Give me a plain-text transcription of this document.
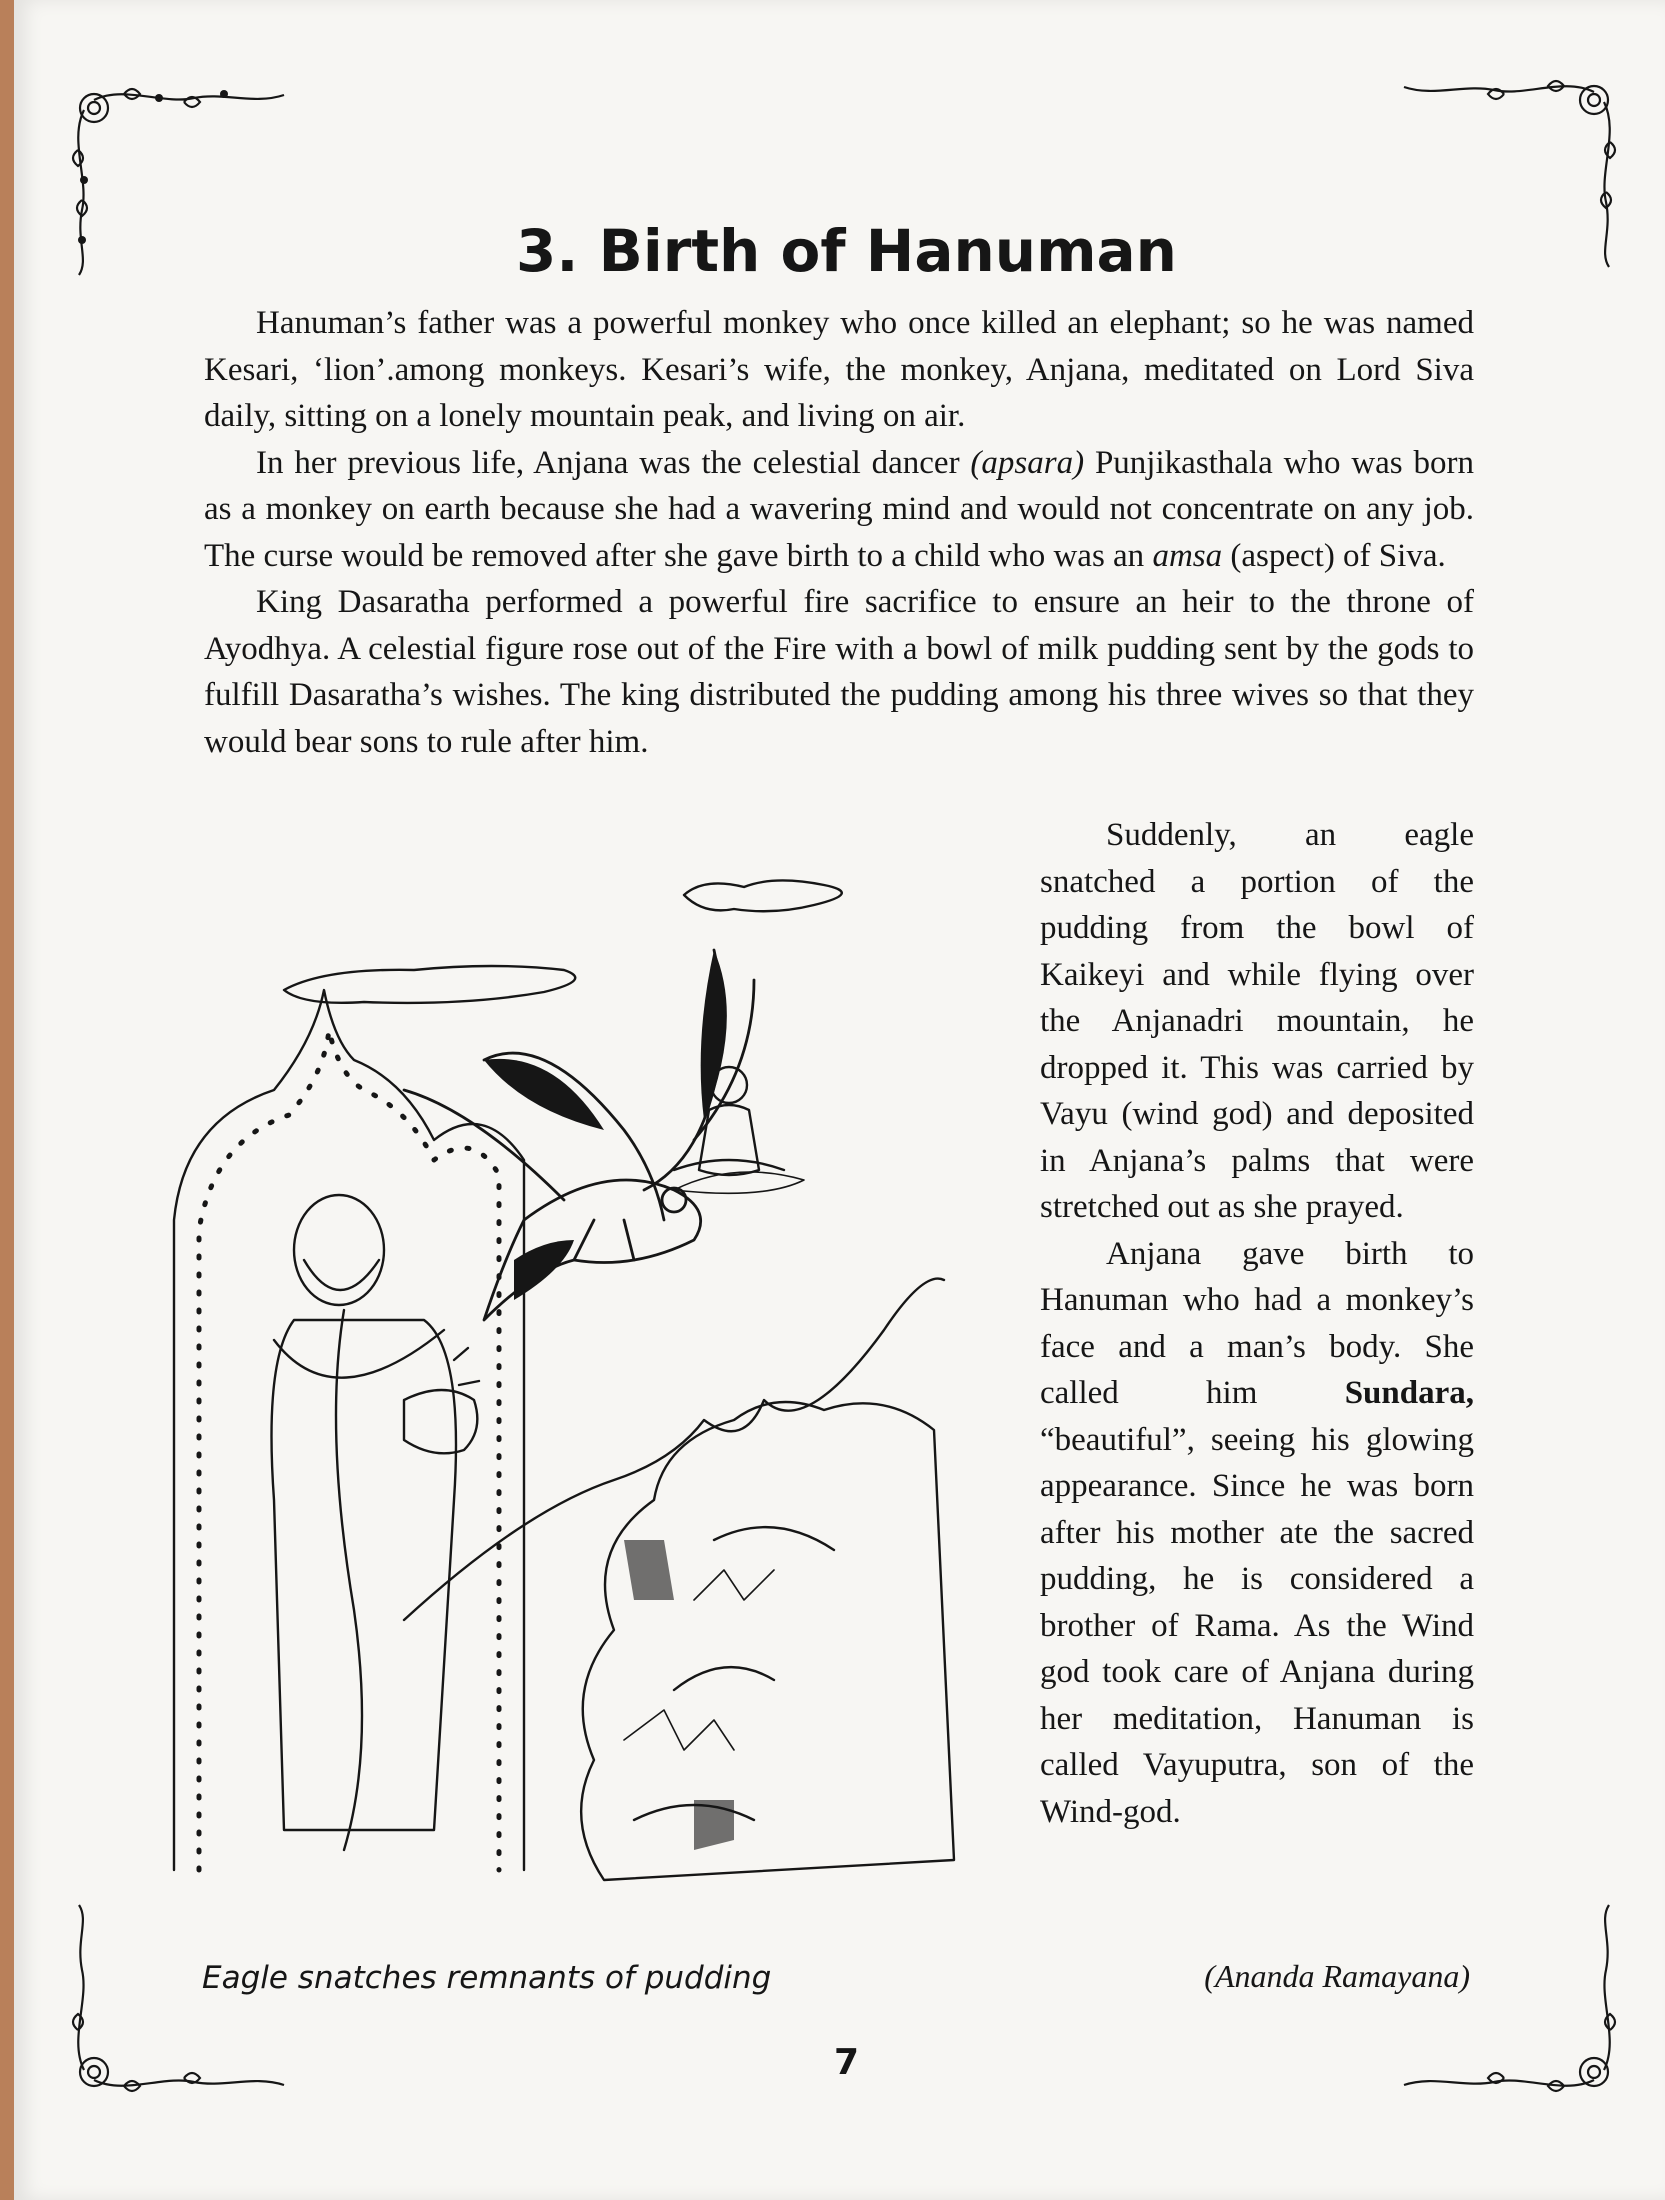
3. Birth of Hanuman

Hanuman’s father was a powerful monkey who once killed an elephant; so he was named Kesari, ‘lion’.among monkeys. Kesari’s wife, the monkey, Anjana, meditated on Lord Siva daily, sitting on a lonely mountain peak, and living on air.

In her previous life, Anjana was the celestial dancer (apsara) Punjikasthala who was born as a monkey on earth because she had a wavering mind and would not concentrate on any job. The curse would be removed after she gave birth to a child who was an amsa (aspect) of Siva.

King Dasaratha performed a powerful fire sacrifice to ensure an heir to the throne of Ayodhya. A celestial figure rose out of the Fire with a bowl of milk pudding sent by the gods to fulfill Dasaratha’s wishes. The king distributed the pudding among his three wives so that they would bear sons to rule after him.

Suddenly, an eagle snatched a portion of the pudding from the bowl of Kaikeyi and while flying over the Anjanadri mountain, he dropped it. This was carried by Vayu (wind god) and deposited in Anjana’s palms that were stretched out as she prayed.

Anjana gave birth to Hanuman who had a monkey’s face and a man’s body. She called him Sundara, “beautiful”, seeing his glowing appearance. Since he was born after his mother ate the sacred pudding, he is considered a brother of Rama. As the Wind god took care of Anjana during her meditation, Hanuman is called Vayuputra, son of the Wind-god.

(Ananda Ramayana)
Eagle snatches remnants of pudding
7
